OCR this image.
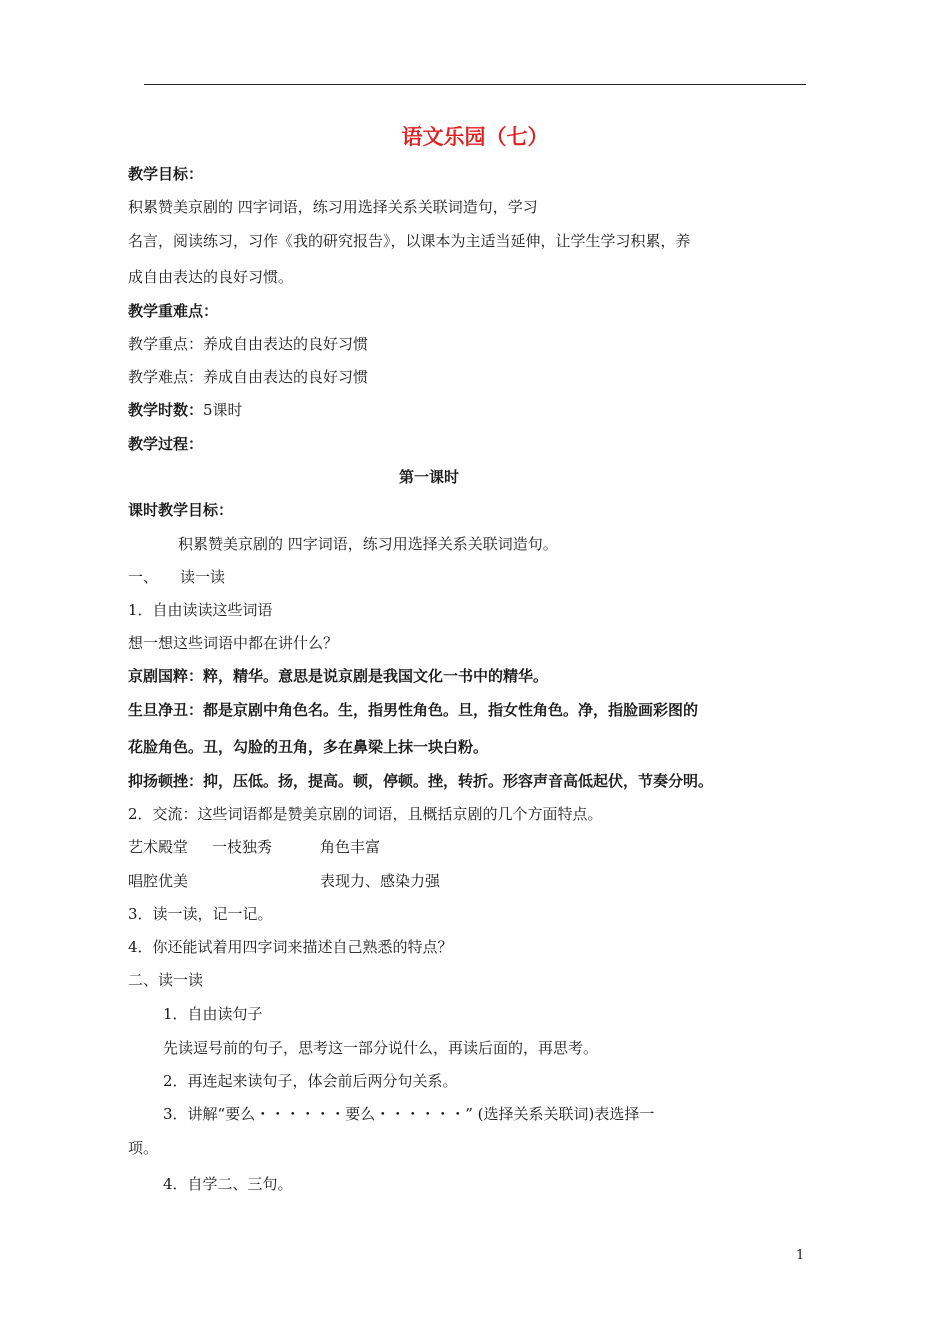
语文乐园（七）
教学目标：
积累赞美京剧的 四字词语，练习用选择关系关联词造句，学习
名言，阅读练习，习作《我的研究报告》，以课本为主适当延伸，让学生学习积累，养
成自由表达的良好习惯。
教学重难点：
教学重点：养成自由表达的良好习惯
教学难点：养成自由表达的良好习惯
教学时数：5课时
教学过程：
第一课时
课时教学目标：
积累赞美京剧的 四字词语，练习用选择关系关联词造句。
一、 读一读
1．自由读读这些词语
想一想这些词语中都在讲什么？
京剧国粹：粹，精华。意思是说京剧是我国文化一书中的精华。
生旦净丑：都是京剧中角色名。生，指男性角色。旦，指女性角色。净，指脸画彩图的
花脸角色。丑，勾脸的丑角，多在鼻梁上抹一块白粉。
抑扬顿挫：抑，压低。扬，提高。顿，停顿。挫，转折。形容声音高低起伏，节奏分明。
2．交流：这些词语都是赞美京剧的词语，且概括京剧的几个方面特点。
艺术殿堂 一枝独秀	角色丰富
唱腔优美	表现力、感染力强
3．读一读，记一记。
4．你还能试着用四字词来描述自己熟悉的特点？
二、读一读
1．自由读句子
先读逗号前的句子，思考这一部分说什么，再读后面的，再思考。
2．再连起来读句子，体会前后两分句关系。
3．讲解“要么・・・・・・要么・・・・・・” (选择关系关联词)表选择一
项。
4．自学二、三句。
1
